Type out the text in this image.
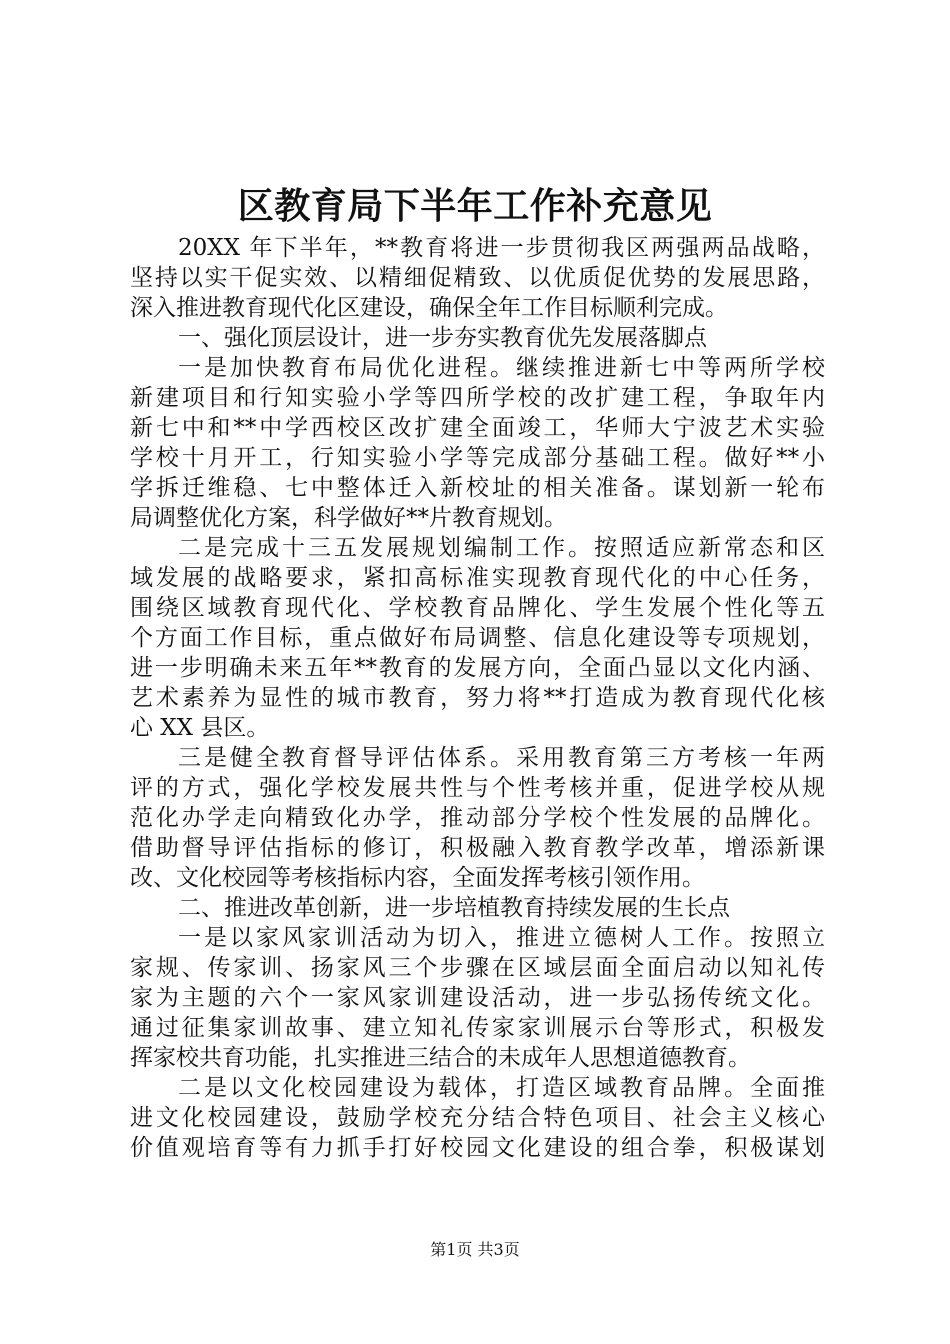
区教育局下半年工作补充意见
20XX 年下半年，**教育将进一步贯彻我区两强两品战略，
坚持以实干促实效、以精细促精致、以优质促优势的发展思路，
深入推进教育现代化区建设，确保全年工作目标顺利完成。
一、强化顶层设计，进一步夯实教育优先发展落脚点
一是加快教育布局优化进程。继续推进新七中等两所学校
新建项目和行知实验小学等四所学校的改扩建工程，争取年内
新七中和**中学西校区改扩建全面竣工，华师大宁波艺术实验
学校十月开工，行知实验小学等完成部分基础工程。做好**小
学拆迁维稳、七中整体迁入新校址的相关准备。谋划新一轮布
局调整优化方案，科学做好**片教育规划。
二是完成十三五发展规划编制工作。按照适应新常态和区
域发展的战略要求，紧扣高标准实现教育现代化的中心任务，
围绕区域教育现代化、学校教育品牌化、学生发展个性化等五
个方面工作目标，重点做好布局调整、信息化建设等专项规划，
进一步明确未来五年**教育的发展方向，全面凸显以文化内涵、
艺术素养为显性的城市教育，努力将**打造成为教育现代化核
心 XX 县区。
三是健全教育督导评估体系。采用教育第三方考核一年两
评的方式，强化学校发展共性与个性考核并重，促进学校从规
范化办学走向精致化办学，推动部分学校个性发展的品牌化。
借助督导评估指标的修订，积极融入教育教学改革，增添新课
改、文化校园等考核指标内容，全面发挥考核引领作用。
二、推进改革创新，进一步培植教育持续发展的生长点
一是以家风家训活动为切入，推进立德树人工作。按照立
家规、传家训、扬家风三个步骤在区域层面全面启动以知礼传
家为主题的六个一家风家训建设活动，进一步弘扬传统文化。
通过征集家训故事、建立知礼传家家训展示台等形式，积极发
挥家校共育功能，扎实推进三结合的未成年人思想道德教育。
二是以文化校园建设为载体，打造区域教育品牌。全面推
进文化校园建设，鼓励学校充分结合特色项目、社会主义核心
价值观培育等有力抓手打好校园文化建设的组合拳，积极谋划
第1页 共3页
